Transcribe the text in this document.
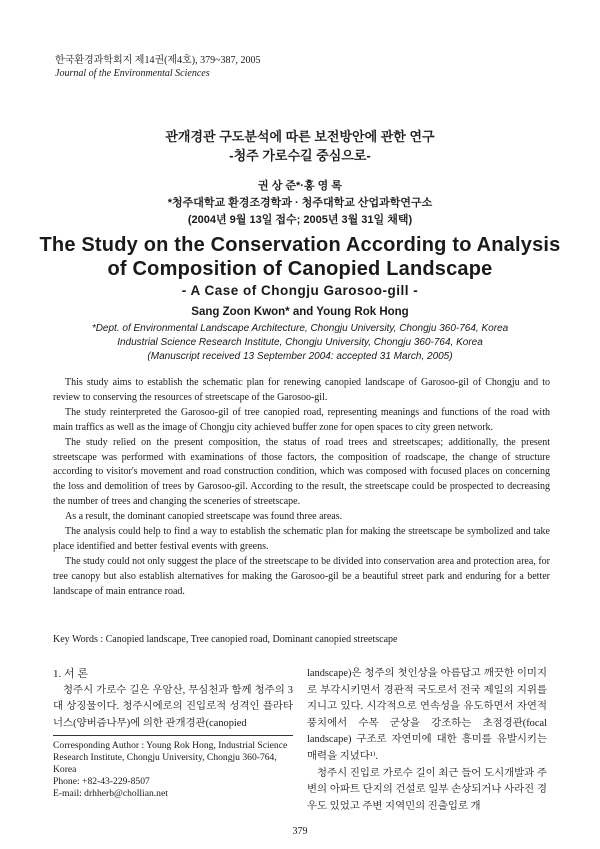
한국환경과학회지 제14권(제4호), 379~387, 2005
Journal of the Environmental Sciences
관개경관 구도분석에 따른 보전방안에 관한 연구
-청주 가로수길 중심으로-
권 상 준*·홍 영 록
*청주대학교 환경조경학과 · 청주대학교 산업과학연구소
(2004년 9월 13일 접수; 2005년 3월 31일 채택)
The Study on the Conservation According to Analysis
of Composition of Canopied Landscape
- A Case of Chongju Garosoo-gill -
Sang Zoon Kwon* and Young Rok Hong
*Dept. of Environmental Landscape Architecture, Chongju University, Chongju 360-764, Korea
Industrial Science Research Institute, Chongju University, Chongju 360-764, Korea
(Manuscript received 13 September 2004: accepted 31 March, 2005)

This study aims to establish the schematic plan for renewing canopied landscape of Garosoo-gil of Chongju and to review to conserving the resources of streetscape of the Garosoo-gil.

The study reinterpreted the Garosoo-gil of tree canopied road, representing meanings and functions of the road with main traffics as well as the image of Chongju city achieved buffer zone for open spaces to city green network.

The study relied on the present composition, the status of road trees and streetscapes; additionally, the present streetscape was performed with examinations of those factors, the composition of roadscape, the change of structure according to visitor's movement and road construction condition, which was composed with focused places on concerning the loss and demolition of trees by Garosoo-gil. According to the result, the streetscape could be prospected to decreasing the number of trees and changing the sceneries of streetscape.

As a result, the dominant canopied streetscape was found three areas.

The analysis could help to find a way to establish the schematic plan for making the streetscape be symbolized and take place identified and better festival events with greens.

The study could not only suggest the place of the streetscape to be divided into conservation area and protection area, for tree canopy but also establish alternatives for making the Garosoo-gil be a beautiful street park and enduring for a better landscape of main entrance road.

Key Words : Canopied landscape, Tree canopied road, Dominant canopied streetscape
1. 서 론

청주시 가로수 길은 우암산, 무심천과 함께 청주의 3대 상징물이다. 청주시에로의 진입로적 성격인 플라타너스(양버즘나무)에 의한 관개경관(canopied

landscape)은 청주의 첫인상을 아름답고 깨끗한 이미지로 부각시키면서 경관적 국도로서 전국 제일의 지위를 지니고 있다. 시각적으로 연속성을 유도하면서 자연적 풍치에서 수목 군상을 강조하는 초점경관(focal landscape) 구조로 자연미에 대한 흥미를 유발시키는 매력을 지녔다¹⁾.

청주시 진입로 가로수 길이 최근 들어 도시개발과 주변의 아파트 단지의 건설로 일부 손상되거나 사라진 경우도 있었고 주변 지역민의 진출입로 개

Corresponding Author : Young Rok Hong, Industrial Science
Research Institute, Chongju University, Chongju 360-764,
Korea
Phone: +82-43-229-8507
E-mail: drhherb@chollian.net
379
